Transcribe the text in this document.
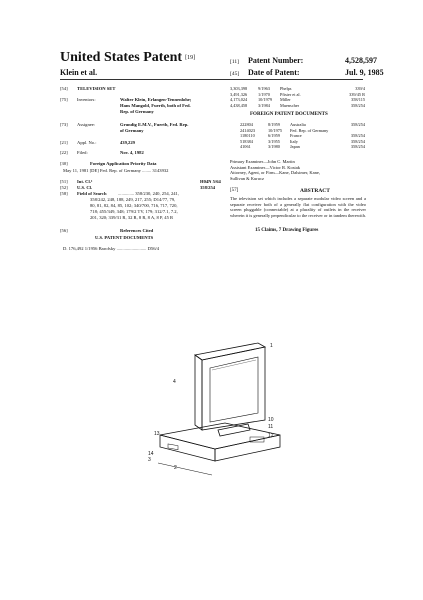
United States Patent [19]
Klein et al.
[11] Patent Number:	4,528,597
[45] Date of Patent:	Jul. 9, 1985
[54] TELEVISION SET
[75] Inventors:	Walter Klein, Erlangen-Tennenlohe;
Hans Mangold, Fuerth, both of Fed.
Rep. of Germany
[73] Assignee:	Grundig E.M.V., Fuerth, Fed. Rep.
of Germany
[21] Appl. No.:	439,229
[22] Filed:	Nov. 4, 1982
[30]	Foreign Application Priority Data
May 11, 1981 [DE] Fed. Rep. of Germany ........ 3143932
[51] Int. Cl.³	H04N 5/64
[52] U.S. Cl.	358/254
[58] Field of Search .............. 358/230, 240, 254, 241,
358/242, 248, 188, 249, 217, 255; D14/77, 79,
80, 81, 82, 84, 85, 102; 340/700, 716, 717, 720,
718; 455/349, 348; 179/2 TV, 179; 312/7.1, 7.2,
201, 320; 339/31 R, 32 R, 8 R, 8 A, 8 P, 45 R
[56]	References Cited
U.S. PATENT DOCUMENTS
D. 176,492 1/1956 Barofsky .......................... D56/4
3,303,398	9/1963 Phelps	339/4
3,491,326	1/1970 Pfister et al.	339/45 R
4,173,024	10/1979 Miller	358/115
4,438,458	3/1984 Muenscher	358/254
FOREIGN PATENT DOCUMENTS
222804	8/1959 Australia	358/254
2414023	10/1975 Fed. Rep. of Germany
1180110	6/1959 France	358/254
518384	3/1955 Italy	358/254
41061	3/1980 Japan	358/254
Primary Examiner—John C. Martin
Assistant Examiner—Victor R. Kostak
Attorney, Agent, or Firm—Kane, Dalsimer, Kane,
Sullivan & Kurucz
[57]	ABSTRACT
The television set which includes a separate modular video screen and a separate receiver both of a generally flat configuration with the video screen pluggable (connectable) at a plurality of outlets in the receiver wherein it is generally perpendicular to the receiver or in tandem therewith.
15 Claims, 7 Drawing Figures
1
4
10
11
12
13
14
2
3
